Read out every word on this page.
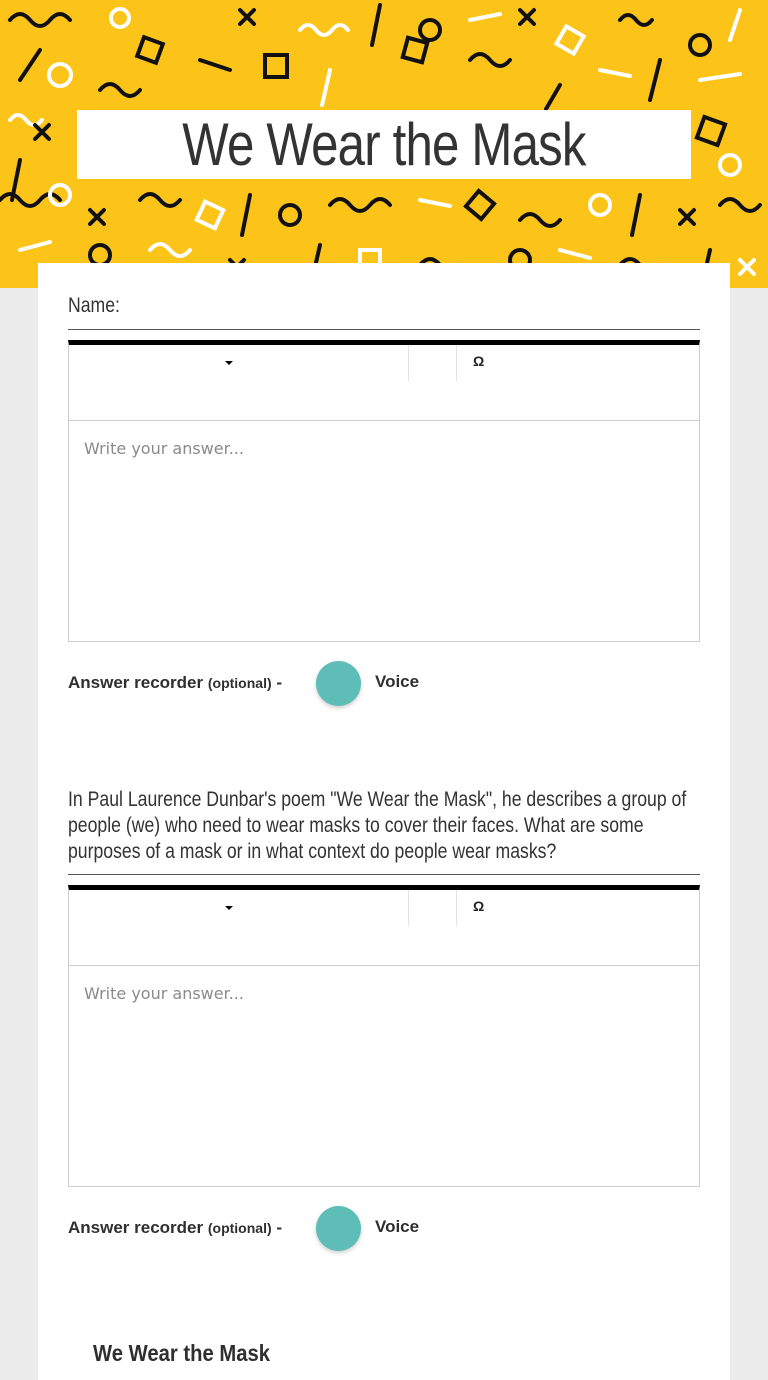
We Wear the Mask
Name:
Ω
Write your answer...
Answer recorder (optional) -	Voice
In Paul Laurence Dunbar's poem "We Wear the Mask", he describes a group of people (we) who need to wear masks to cover their faces. What are some purposes of a mask or in what context do people wear masks?
Ω
Write your answer...
Answer recorder (optional) -	Voice
We Wear the Mask
